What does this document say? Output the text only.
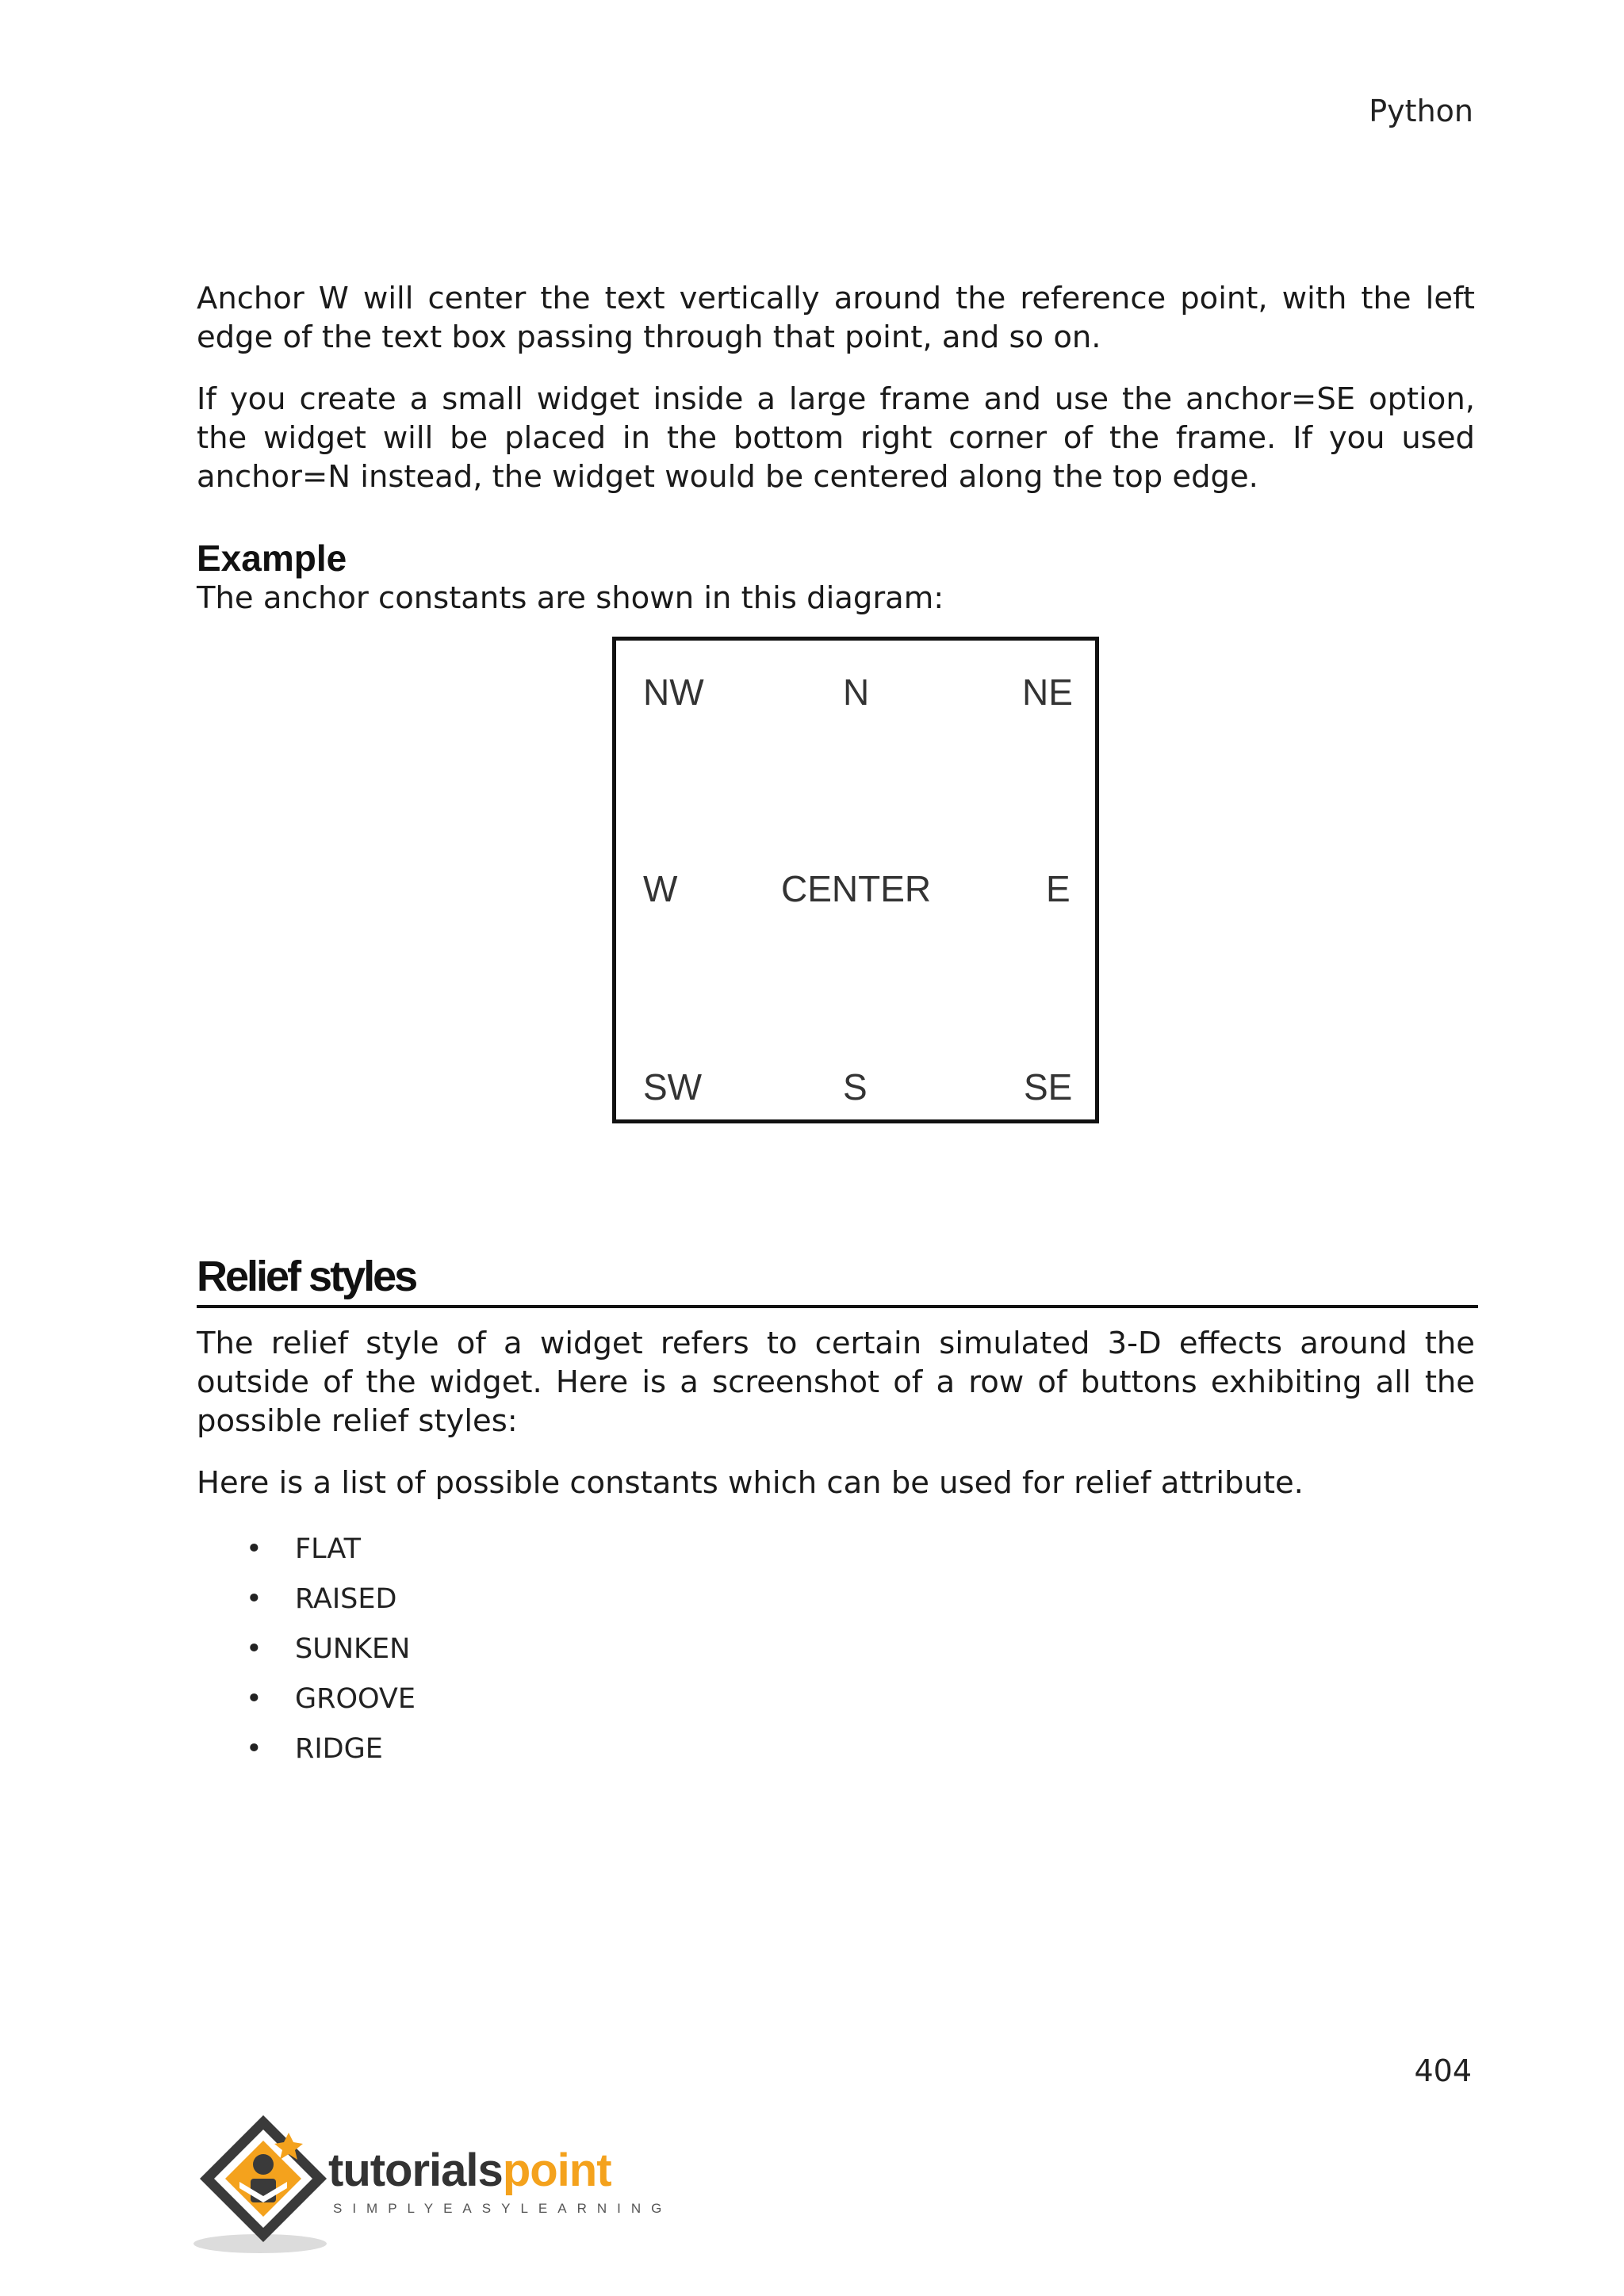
Python

Anchor W will center the text vertically around the reference point, with the left edge of the text box passing through that point, and so on.

If you create a small widget inside a large frame and use the anchor=SE option, the widget will be placed in the bottom right corner of the frame. If you used anchor=N instead, the widget would be centered along the top edge.

Example

The anchor constants are shown in this diagram:

NW	N	NE
W	CENTER	E
SW	S	SE
Relief styles

The relief style of a widget refers to certain simulated 3-D effects around the outside of the widget. Here is a screenshot of a row of buttons exhibiting all the possible relief styles:

Here is a list of possible constants which can be used for relief attribute.

• FLAT
• RAISED
• SUNKEN
• GROOVE
• RIDGE
404
tutorialspoint
SIMPLYEASYLEARNING
